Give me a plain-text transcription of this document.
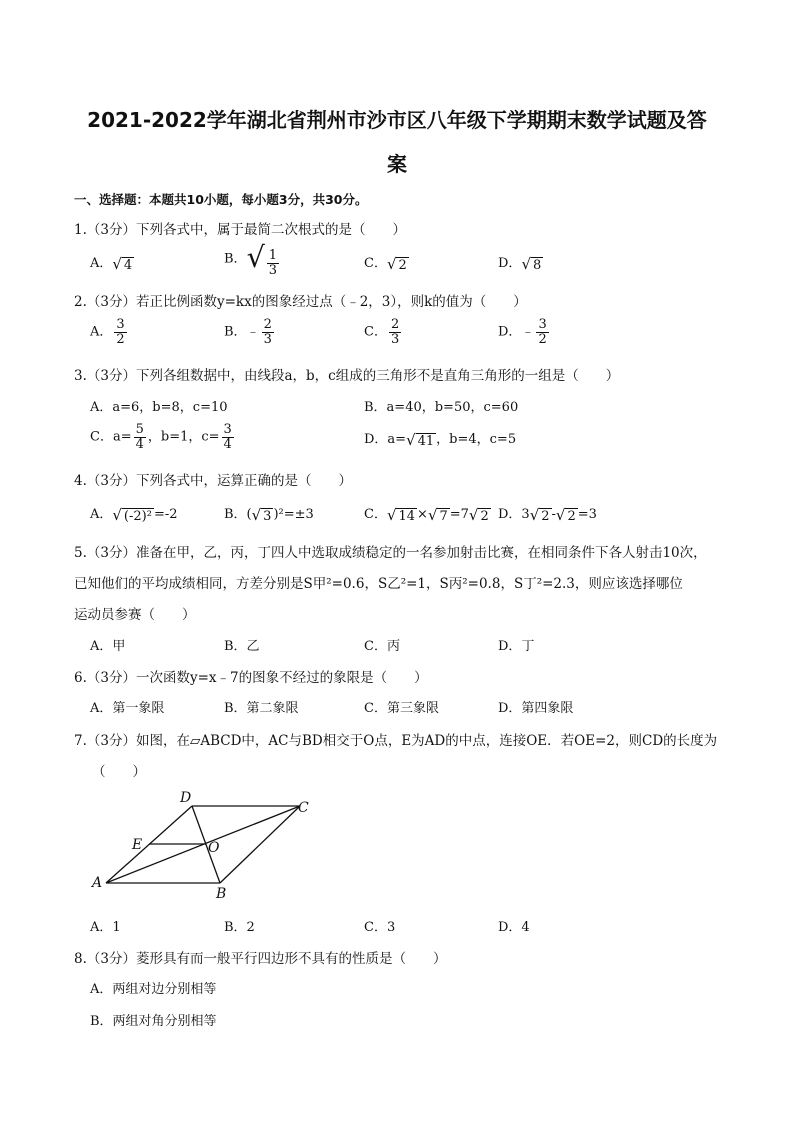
2021-2022学年湖北省荆州市沙市区八年级下学期期末数学试题及答
案
一、选择题：本题共10小题，每小题3分，共30分。
1.（3分）下列各式中，属于最简二次根式的是（　　）
A．√ 4	B．√ $\frac{1}{3}$	C．√ 2	D．√ 8
2.（3分）若正比例函数y=kx的图象经过点（﹣2，3），则k的值为（　　）
A． $\frac{3}{2}$	B．﹣ $\frac{2}{3}$	C． $\frac{2}{3}$	D．﹣ $\frac{3}{2}$
3.（3分）下列各组数据中，由线段a，b，c组成的三角形不是直角三角形的一组是（　　）
A．a=6，b=8，c=10	B．a=40，b=50，c=60
C．$a= \frac{5}{4}$ ，b=1，$c= \frac{3}{4}$	D．a=√ 41 ，b=4，c=5
4.（3分）下列各式中，运算正确的是（　　）
A．√ (-2)² =-2	B．(√ 3 )²=±3	C．√ 14 ×√ 7 =7√ 2 D．3√ 2 -√ 2 =3
5.（3分）准备在甲，乙，丙，丁四人中选取成绩稳定的一名参加射击比赛，在相同条件下各人射击10次，
已知他们的平均成绩相同，方差分别是S甲²=0.6，S乙²=1，S丙²=0.8，S丁²=2.3，则应该选择哪位
运动员参赛（　　）
A．甲	B．乙	C．丙	D．丁
6.（3分）一次函数y=x﹣7的图象不经过的象限是（　　）
A．第一象限	B．第二象限	C．第三象限	D．第四象限
7.（3分）如图，在▱ABCD中，AC与BD相交于O点，E为AD的中点，连接OE．若OE=2，则CD的长度为
（　　）
A
B
C
D
E	O
A．1	B．2	C．3	D．4
8.（3分）菱形具有而一般平行四边形不具有的性质是（　　）
A．两组对边分别相等
B．两组对角分别相等
